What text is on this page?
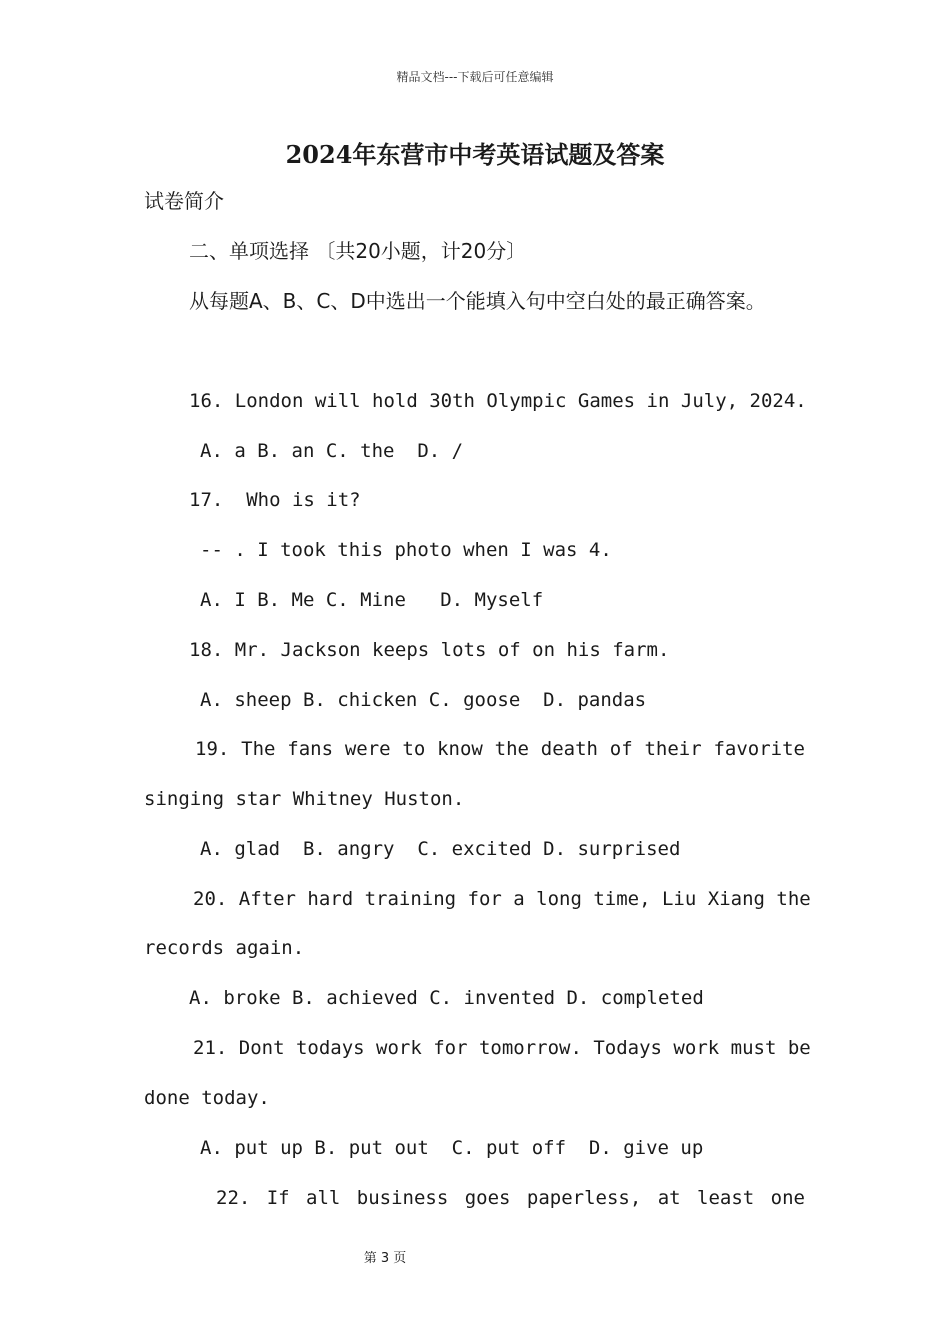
精品文档---下载后可任意编辑
2024年东营市中考英语试题及答案
试卷简介
二、单项选择 〔共20小题，计20分〕
从每题A、B、C、D中选出一个能填入句中空白处的最正确答案。
16. London will hold 30th Olympic Games in July, 2024.
A. a B. an C. the  D. /
17.  Who is it?
-- . I took this photo when I was 4.
A. I B. Me C. Mine   D. Myself
18. Mr. Jackson keeps lots of on his farm.
A. sheep B. chicken C. goose  D. pandas
19. The fans were to know the death of their favorite
singing star Whitney Huston.
A. glad  B. angry  C. excited D. surprised
20. After hard training for a long time, Liu Xiang the
records again.
A. broke B. achieved C. invented D. completed
21. Dont todays work for tomorrow. Todays work must be
done today.
A. put up B. put out  C. put off  D. give up
22. If all business goes paperless, at least one
第 3 页
